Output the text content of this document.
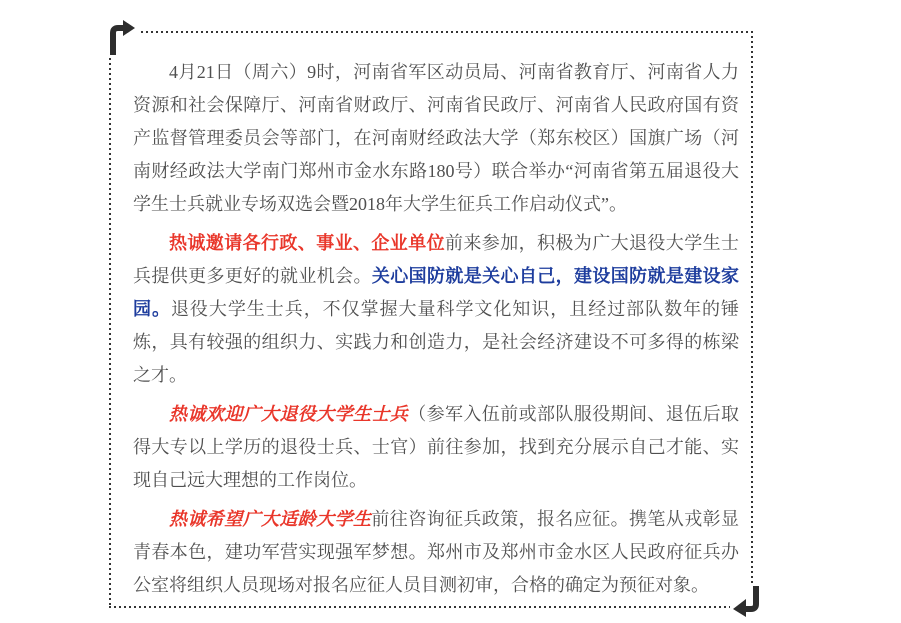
4月21日（周六）9时，河南省军区动员局、河南省教育厅、河南省人力资源和社会保障厅、河南省财政厅、河南省民政厅、河南省人民政府国有资产监督管理委员会等部门，在河南财经政法大学（郑东校区）国旗广场（河南财经政法大学南门郑州市金水东路180号）联合举办“河南省第五届退役大学生士兵就业专场双选会暨2018年大学生征兵工作启动仪式”。

热诚邀请各行政、事业、企业单位前来参加，积极为广大退役大学生士兵提供更多更好的就业机会。关心国防就是关心自己，建设国防就是建设家园。退役大学生士兵，不仅掌握大量科学文化知识，且经过部队数年的锤炼，具有较强的组织力、实践力和创造力，是社会经济建设不可多得的栋梁之才。

热诚欢迎广大退役大学生士兵（参军入伍前或部队服役期间、退伍后取得大专以上学历的退役士兵、士官）前往参加，找到充分展示自己才能、实现自己远大理想的工作岗位。

热诚希望广大适龄大学生前往咨询征兵政策，报名应征。携笔从戎彰显青春本色，建功军营实现强军梦想。郑州市及郑州市金水区人民政府征兵办公室将组织人员现场对报名应征人员目测初审，合格的确定为预征对象。
